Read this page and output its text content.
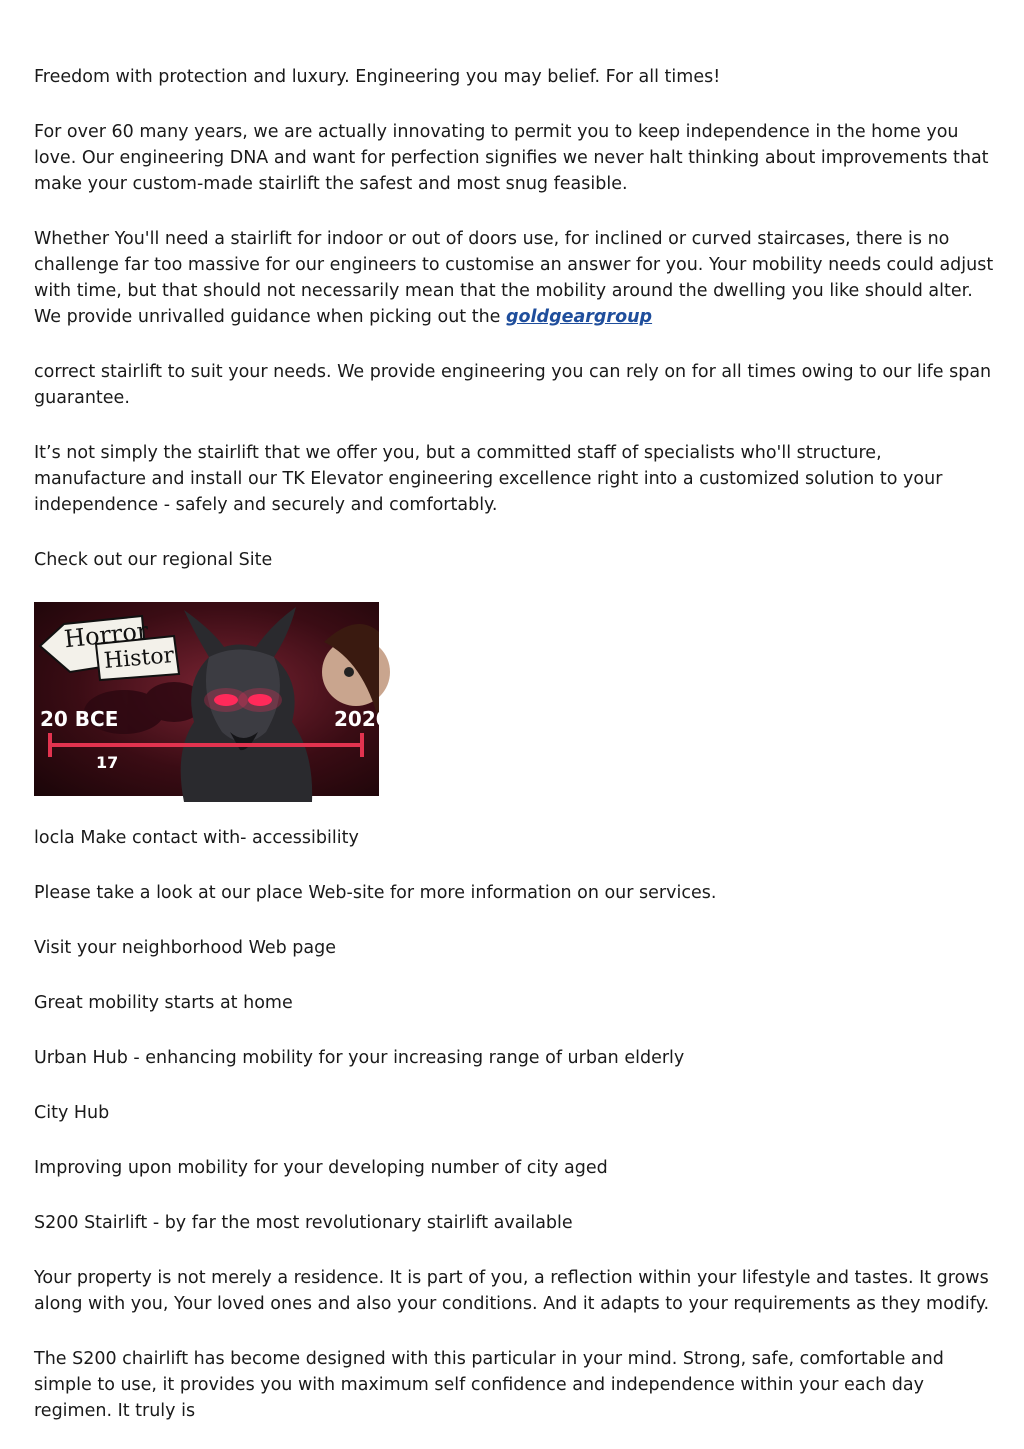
Freedom with protection and luxury. Engineering you may belief. For all times!

For over 60 many years, we are actually innovating to permit you to keep independence in the home you love. Our engineering DNA and want for perfection signifies we never halt thinking about improvements that make your custom-made stairlift the safest and most snug feasible.

Whether You'll need a stairlift for indoor or out of doors use, for inclined or curved staircases, there is no challenge far too massive for our engineers to customise an answer for you. Your mobility needs could adjust with time, but that should not necessarily mean that the mobility around the dwelling you like should alter. We provide unrivalled guidance when picking out the goldgeargroup

correct stairlift to suit your needs. We provide engineering you can rely on for all times owing to our life span guarantee.

It’s not simply the stairlift that we offer you, but a committed staff of specialists who'll structure, manufacture and install our TK Elevator engineering excellence right into a customized solution to your independence - safely and securely and comfortably.

Check out our regional Site

Horror
Histor
20 BCE	2020
17

locla Make contact with- accessibility

Please take a look at our place Web-site for more information on our services.

Visit your neighborhood Web page

Great mobility starts at home

Urban Hub - enhancing mobility for your increasing range of urban elderly

City Hub

Improving upon mobility for your developing number of city aged

S200 Stairlift - by far the most revolutionary stairlift available

Your property is not merely a residence. It is part of you, a reflection within your lifestyle and tastes. It grows along with you, Your loved ones and also your conditions. And it adapts to your requirements as they modify.

The S200 chairlift has become designed with this particular in your mind. Strong, safe, comfortable and simple to use, it provides you with maximum self confidence and independence within your each day regimen. It truly is
